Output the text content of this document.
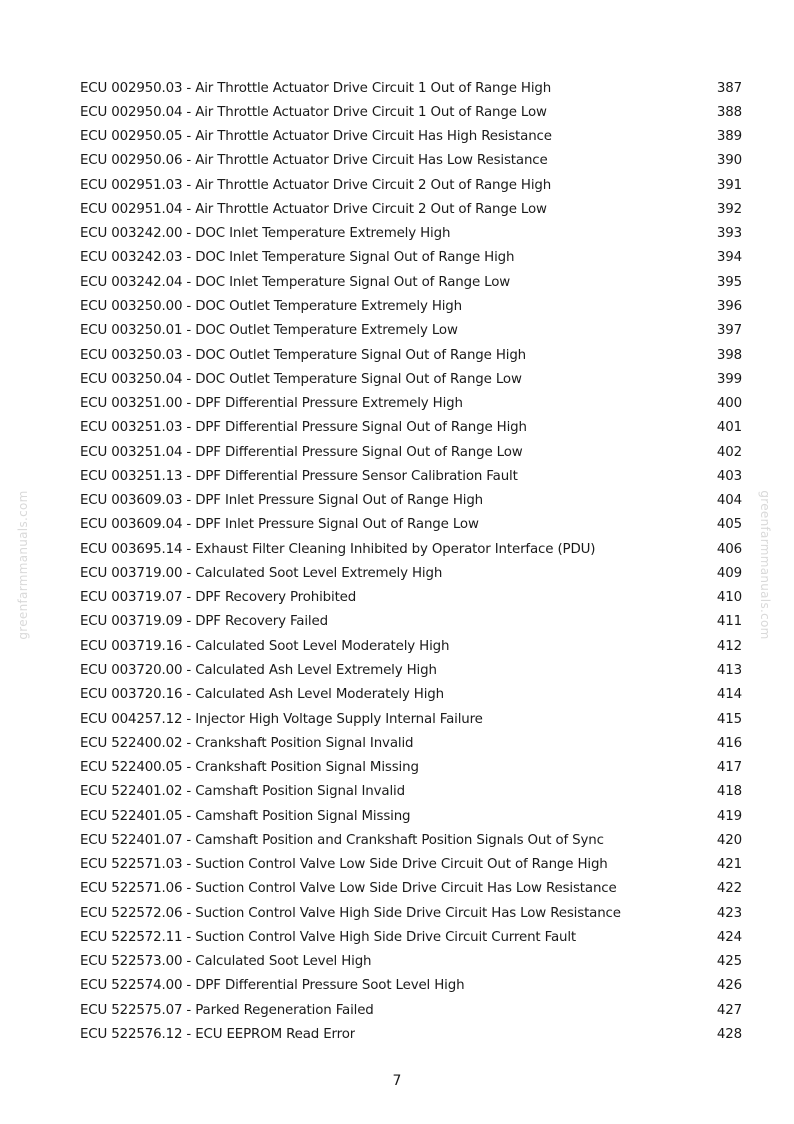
greenfarmmanuals.com	greenfarmmanuals.com
ECU 002950.03 - Air Throttle Actuator Drive Circuit 1 Out of Range High	387
ECU 002950.04 - Air Throttle Actuator Drive Circuit 1 Out of Range Low	388
ECU 002950.05 - Air Throttle Actuator Drive Circuit Has High Resistance	389
ECU 002950.06 - Air Throttle Actuator Drive Circuit Has Low Resistance	390
ECU 002951.03 - Air Throttle Actuator Drive Circuit 2 Out of Range High	391
ECU 002951.04 - Air Throttle Actuator Drive Circuit 2 Out of Range Low	392
ECU 003242.00 - DOC Inlet Temperature Extremely High	393
ECU 003242.03 - DOC Inlet Temperature Signal Out of Range High	394
ECU 003242.04 - DOC Inlet Temperature Signal Out of Range Low	395
ECU 003250.00 - DOC Outlet Temperature Extremely High	396
ECU 003250.01 - DOC Outlet Temperature Extremely Low	397
ECU 003250.03 - DOC Outlet Temperature Signal Out of Range High	398
ECU 003250.04 - DOC Outlet Temperature Signal Out of Range Low	399
ECU 003251.00 - DPF Differential Pressure Extremely High	400
ECU 003251.03 - DPF Differential Pressure Signal Out of Range High	401
ECU 003251.04 - DPF Differential Pressure Signal Out of Range Low	402
ECU 003251.13 - DPF Differential Pressure Sensor Calibration Fault	403
ECU 003609.03 - DPF Inlet Pressure Signal Out of Range High	404
ECU 003609.04 - DPF Inlet Pressure Signal Out of Range Low	405
ECU 003695.14 - Exhaust Filter Cleaning Inhibited by Operator Interface (PDU)	406
ECU 003719.00 - Calculated Soot Level Extremely High	409
ECU 003719.07 - DPF Recovery Prohibited	410
ECU 003719.09 - DPF Recovery Failed	411
ECU 003719.16 - Calculated Soot Level Moderately High	412
ECU 003720.00 - Calculated Ash Level Extremely High	413
ECU 003720.16 - Calculated Ash Level Moderately High	414
ECU 004257.12 - Injector High Voltage Supply Internal Failure	415
ECU 522400.02 - Crankshaft Position Signal Invalid	416
ECU 522400.05 - Crankshaft Position Signal Missing	417
ECU 522401.02 - Camshaft Position Signal Invalid	418
ECU 522401.05 - Camshaft Position Signal Missing	419
ECU 522401.07 - Camshaft Position and Crankshaft Position Signals Out of Sync	420
ECU 522571.03 - Suction Control Valve Low Side Drive Circuit Out of Range High	421
ECU 522571.06 - Suction Control Valve Low Side Drive Circuit Has Low Resistance	422
ECU 522572.06 - Suction Control Valve High Side Drive Circuit Has Low Resistance	423
ECU 522572.11 - Suction Control Valve High Side Drive Circuit Current Fault	424
ECU 522573.00 - Calculated Soot Level High	425
ECU 522574.00 - DPF Differential Pressure Soot Level High	426
ECU 522575.07 - Parked Regeneration Failed	427
ECU 522576.12 - ECU EEPROM Read Error	428
7
